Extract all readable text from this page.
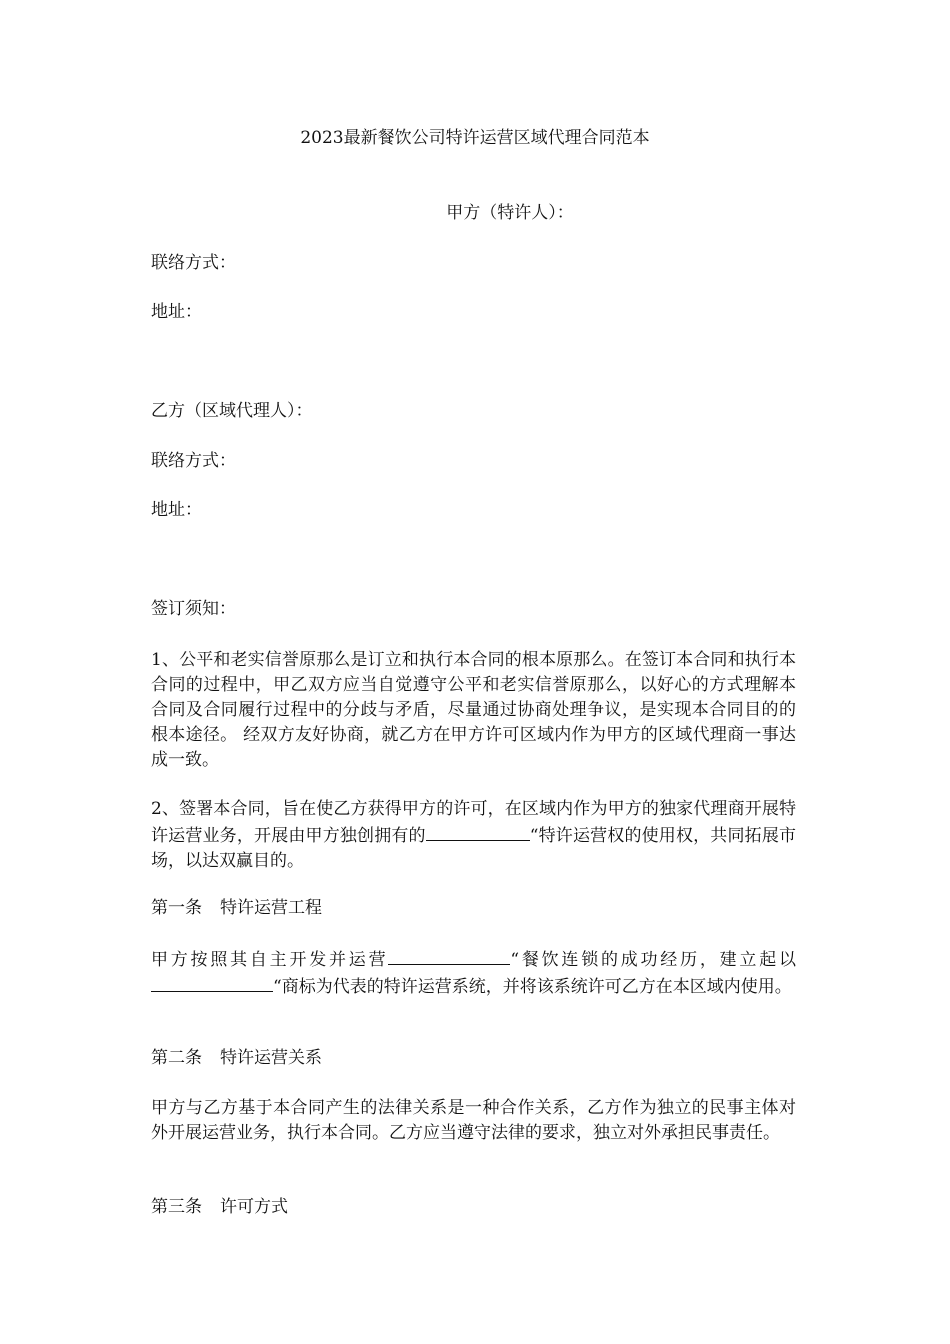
2023最新餐饮公司特许运营区域代理合同范本
甲方（特许人）：
联络方式：
地址：
乙方（区域代理人）：
联络方式：
地址：
签订须知：
1、公平和老实信誉原那么是订立和执行本合同的根本原那么。在签订本合同和执行本合同的过程中，甲乙双方应当自觉遵守公平和老实信誉原那么，以好心的方式理解本合同及合同履行过程中的分歧与矛盾，尽量通过协商处理争议，是实现本合同目的的根本途径。 经双方友好协商，就乙方在甲方许可区域内作为甲方的区域代理商一事达成一致。
2、签署本合同，旨在使乙方获得甲方的许可，在区域内作为甲方的独家代理商开展特许运营业务，开展由甲方独创拥有的	“特许运营权的使用权，共同拓展市场，以达双赢目的。
第一条 特许运营工程
甲方按照其自主开发并运营	“餐饮连锁的成功经历，建立起以“商标为代表的特许运营系统，并将该系统许可乙方在本区域内使用。
第二条 特许运营关系
甲方与乙方基于本合同产生的法律关系是一种合作关系，乙方作为独立的民事主体对外开展运营业务，执行本合同。乙方应当遵守法律的要求，独立对外承担民事责任。
第三条 许可方式
